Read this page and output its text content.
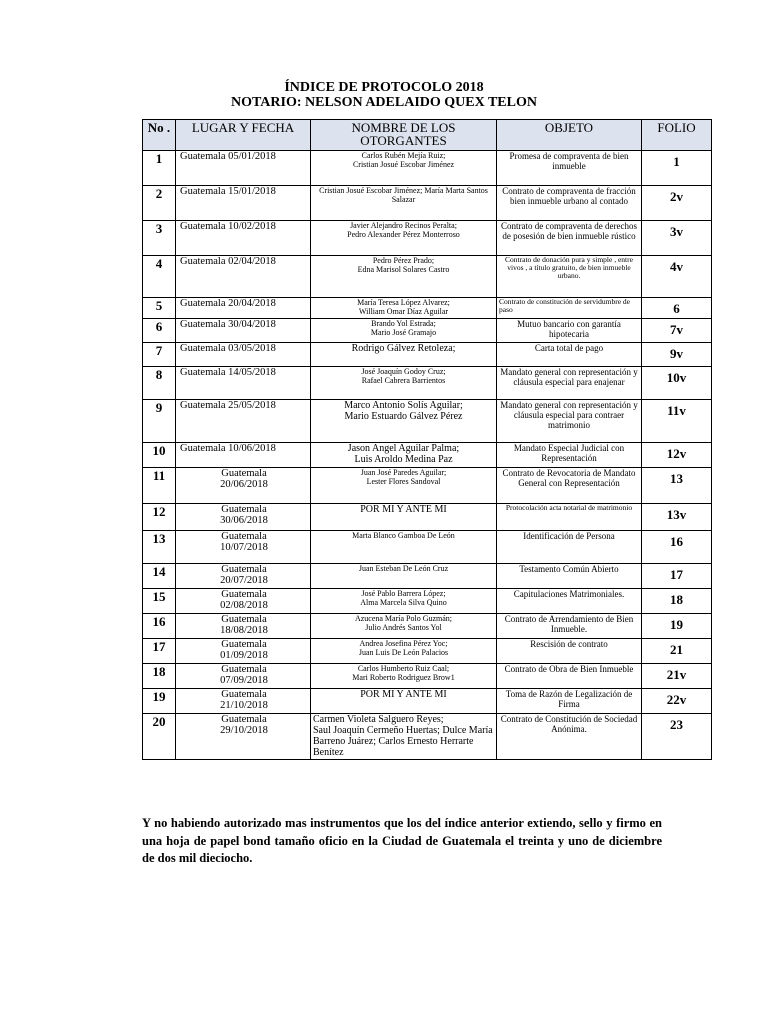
ÍNDICE DE PROTOCOLO 2018
NOTARIO: NELSON ADELAIDO QUEX TELON
No .	LUGAR Y FECHA	NOMBRE DE LOS OTORGANTES	OBJETO	FOLIO
1	Guatemala 05/01/2018	Carlos Rubén Mejía Ruiz;
Cristian Josué Escobar Jiménez	Promesa de compraventa de bien inmueble	1
2	Guatemala 15/01/2018	Cristian Josué Escobar Jiménez; María Marta Santos Salazar	Contrato de compraventa de fracción bien inmueble urbano al contado	2v
3	Guatemala 10/02/2018	Javier Alejandro Recinos Peralta;
Pedro Alexander Pérez Monterroso	Contrato de compraventa de derechos de posesión de bien inmueble rústico	3v
4	Guatemala 02/04/2018	Pedro Pérez Prado;
Edna Marisol Solares Castro	Contrato de donación pura y simple , entre vivos , a título gratuito, de bien inmueble urbano.	4v
5	Guatemala 20/04/2018	María Teresa López Alvarez;
William Omar Díaz Aguilar	Contrato de constitución de servidumbre de paso	6
6	Guatemala 30/04/2018	Brando Yol Estrada;
Mario José Gramajo	Mutuo bancario con garantía hipotecaria	7v
7	Guatemala 03/05/2018	Rodrigo Gálvez Retoleza;	Carta total de pago	9v
8	Guatemala 14/05/2018	José Joaquín Godoy Cruz;
Rafael Cabrera Barrientos	Mandato general con representación y cláusula especial para enajenar	10v
9	Guatemala 25/05/2018	Marco Antonio Solís Aguilar;
Mario Estuardo Gálvez Pérez	Mandato general con representación y cláusula especial para contraer matrimonio	11v
10	Guatemala 10/06/2018	Jason Angel Aguilar Palma;
Luis Aroldo Medina Paz	Mandato Especial Judicial con Representación	12v
11	Guatemala
20/06/2018	Juan José Paredes Aguilar;
Lester Flores Sandoval	Contrato de Revocatoria de Mandato General con Representación	13
12	Guatemala
30/06/2018	POR MI Y ANTE MI	Protocolación acta notarial de matrimonio	13v
13	Guatemala
10/07/2018	Marta Blanco Gamboa De León	Identificación de Persona	16
14	Guatemala
20/07/2018	Juan Esteban De León Cruz	Testamento Común Abierto	17
15	Guatemala
02/08/2018	José Pablo Barrera López;
Alma Marcela Silva Quino	Capitulaciones Matrimoniales.	18
16	Guatemala
18/08/2018	Azucena María Polo Guzmán;
Julio Andrés Santos Yol	Contrato de Arrendamiento de Bien Inmueble.	19
17	Guatemala
01/09/2018	Andrea Josefina Pérez Yoc;
Juan Luis De León Palacios	Rescisión de contrato	21
18	Guatemala
07/09/2018	Carlos Humberto Ruiz Caal;
Mari Roberto Rodriguez Brow1	Contrato de Obra de Bien Inmueble	21v
19	Guatemala
21/10/2018	POR MI Y ANTE MI	Toma de Razón de Legalización de Firma	22v
20	Guatemala
29/10/2018	Carmen Violeta Salguero Reyes;
Saul Joaquín Cermeño Huertas; Dulce María Barreno Juárez; Carlos Ernesto Herrarte Benítez	Contrato de Constitución de Sociedad Anónima.	23
Y no habiendo autorizado mas instrumentos que los del índice anterior extiendo, sello y firmo en una hoja de papel bond tamaño oficio en la Ciudad de Guatemala el treinta y uno de diciembre de dos mil dieciocho.
